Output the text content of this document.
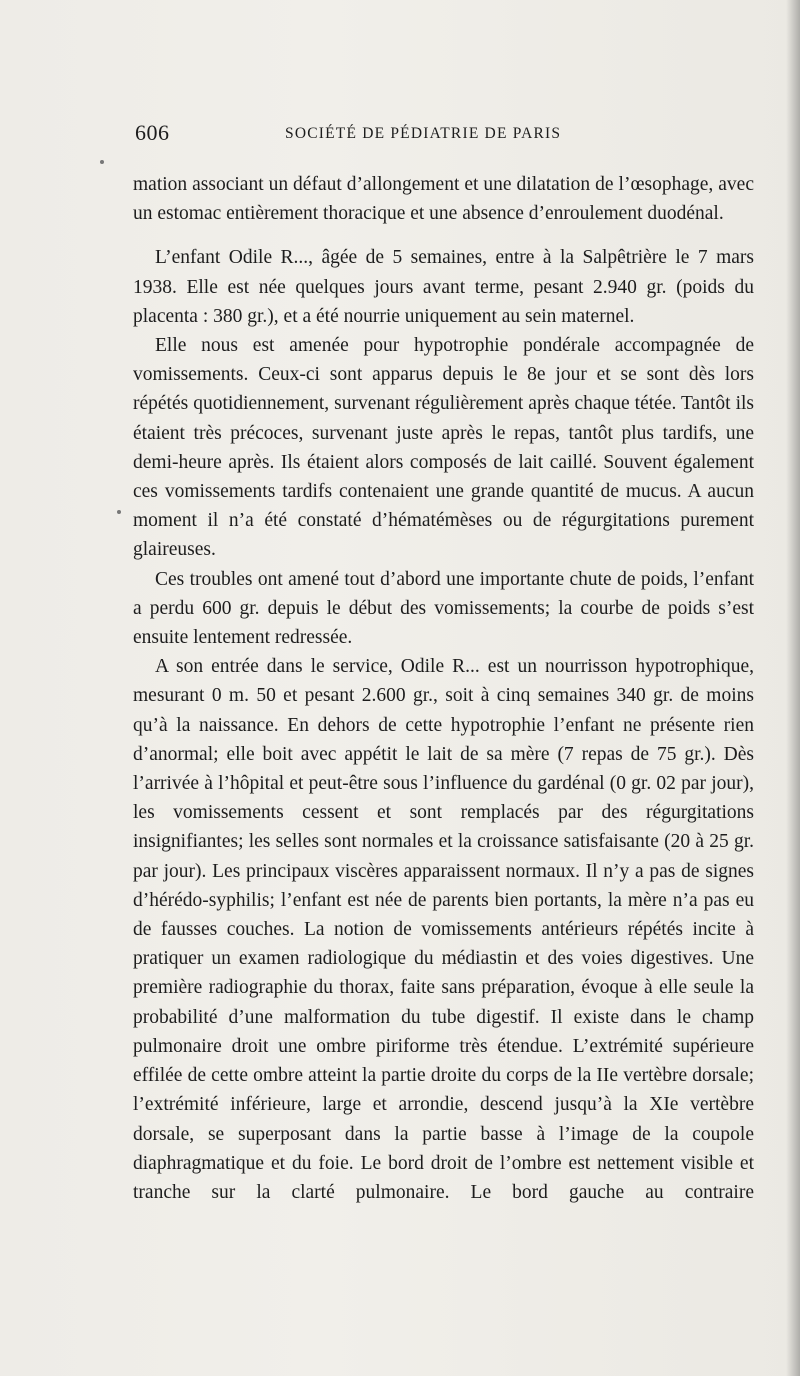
606	SOCIÉTÉ DE PÉDIATRIE DE PARIS

mation associant un défaut d’allongement et une dilatation de l’œsophage, avec un estomac entièrement thoracique et une absence d’enroulement duodénal.

L’enfant Odile R..., âgée de 5 semaines, entre à la Salpêtrière le 7 mars 1938. Elle est née quelques jours avant terme, pesant 2.940 gr. (poids du placenta : 380 gr.), et a été nourrie uniquement au sein maternel.

Elle nous est amenée pour hypotrophie pondérale accompagnée de vomissements. Ceux-ci sont apparus depuis le 8e jour et se sont dès lors répétés quotidiennement, survenant régulièrement après chaque tétée. Tantôt ils étaient très précoces, survenant juste après le repas, tantôt plus tardifs, une demi-heure après. Ils étaient alors composés de lait caillé. Souvent également ces vomissements tardifs contenaient une grande quantité de mucus. A aucun moment il n’a été constaté d’hématémèses ou de régurgitations purement glaireuses.

Ces troubles ont amené tout d’abord une importante chute de poids, l’enfant a perdu 600 gr. depuis le début des vomissements; la courbe de poids s’est ensuite lentement redressée.

A son entrée dans le service, Odile R... est un nourrisson hypotrophique, mesurant 0 m. 50 et pesant 2.600 gr., soit à cinq semaines 340 gr. de moins qu’à la naissance. En dehors de cette hypotrophie l’enfant ne présente rien d’anormal; elle boit avec appétit le lait de sa mère (7 repas de 75 gr.). Dès l’arrivée à l’hôpital et peut-être sous l’influence du gardénal (0 gr. 02 par jour), les vomissements cessent et sont remplacés par des régurgitations insignifiantes; les selles sont normales et la croissance satisfaisante (20 à 25 gr. par jour). Les principaux viscères apparaissent normaux. Il n’y a pas de signes d’hérédo-syphilis; l’enfant est née de parents bien portants, la mère n’a pas eu de fausses couches. La notion de vomissements antérieurs répétés incite à pratiquer un examen radiologique du médiastin et des voies digestives. Une première radiographie du thorax, faite sans préparation, évoque à elle seule la probabilité d’une malformation du tube digestif. Il existe dans le champ pulmonaire droit une ombre piriforme très étendue. L’extrémité supérieure effilée de cette ombre atteint la partie droite du corps de la IIe vertèbre dorsale; l’extrémité inférieure, large et arrondie, descend jusqu’à la XIe vertèbre dorsale, se superposant dans la partie basse à l’image de la coupole diaphragmatique et du foie. Le bord droit de l’ombre est nettement visible et tranche sur la clarté pulmonaire. Le bord gauche au contraire
